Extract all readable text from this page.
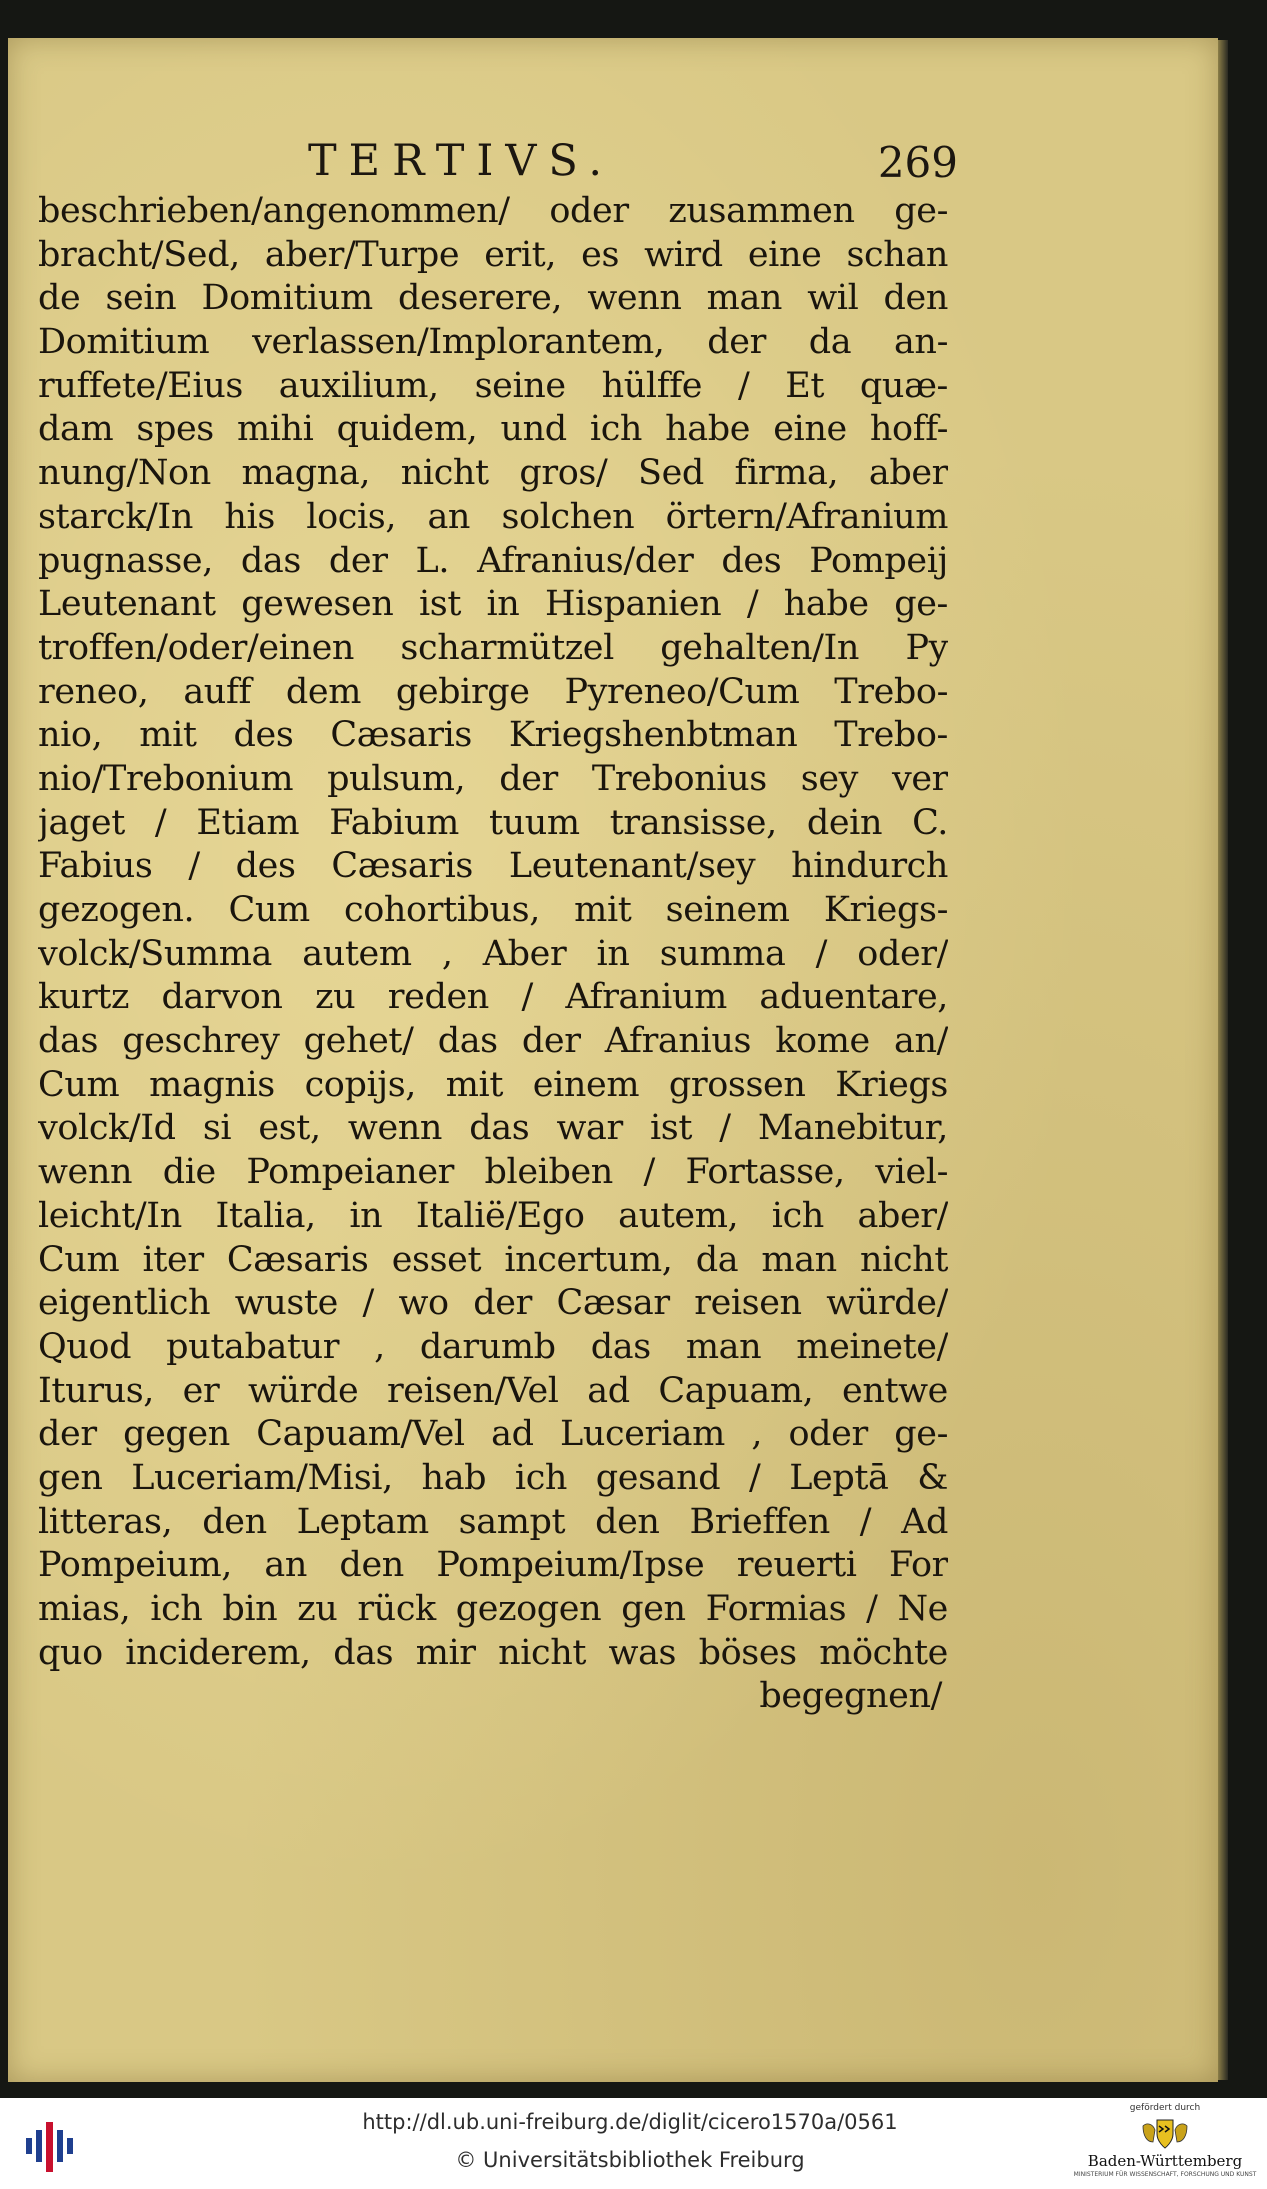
TERTIVS.	269
beschrieben/angenommen/ oder zusammen ge-
bracht/Sed, aber/Turpe erit, es wird eine schan
de sein Domitium deserere, wenn man wil den
Domitium verlassen/Implorantem, der da an-
ruffete/Eius auxilium, seine hülffe / Et quæ-
dam spes mihi quidem, und ich habe eine hoff-
nung/Non magna, nicht gros/ Sed firma, aber
starck/In his locis, an solchen örtern/Afranium
pugnasse, das der L. Afranius/der des Pompeij
Leutenant gewesen ist in Hispanien / habe ge-
troffen/oder/einen scharmützel gehalten/In Py
reneo, auff dem gebirge Pyreneo/Cum Trebo-
nio, mit des Cæsaris Kriegshenbtman Trebo-
nio/Trebonium pulsum, der Trebonius sey ver
jaget / Etiam Fabium tuum transisse, dein C.
Fabius / des Cæsaris Leutenant/sey hindurch
gezogen. Cum cohortibus, mit seinem Kriegs-
volck/Summa autem , Aber in summa / oder/
kurtz darvon zu reden / Afranium aduentare,
das geschrey gehet/ das der Afranius kome an/
Cum magnis copijs, mit einem grossen Kriegs
volck/Id si est, wenn das war ist / Manebitur,
wenn die Pompeianer bleiben / Fortasse, viel-
leicht/In Italia, in Italië/Ego autem, ich aber/
Cum iter Cæsaris esset incertum, da man nicht
eigentlich wuste / wo der Cæsar reisen würde/
Quod putabatur , darumb das man meinete/
Iturus, er würde reisen/Vel ad Capuam, entwe
der gegen Capuam/Vel ad Luceriam , oder ge-
gen Luceriam/Misi, hab ich gesand / Leptā &
litteras, den Leptam sampt den Brieffen / Ad
Pompeium, an den Pompeium/Ipse reuerti For
mias, ich bin zu rück gezogen gen Formias / Ne
quo inciderem, das mir nicht was böses möchte
begegnen/
http://dl.ub.uni-freiburg.de/diglit/cicero1570a/0561
© Universitätsbibliothek Freiburg
gefördert durch
Baden-Württemberg
MINISTERIUM FÜR WISSENSCHAFT, FORSCHUNG UND KUNST
